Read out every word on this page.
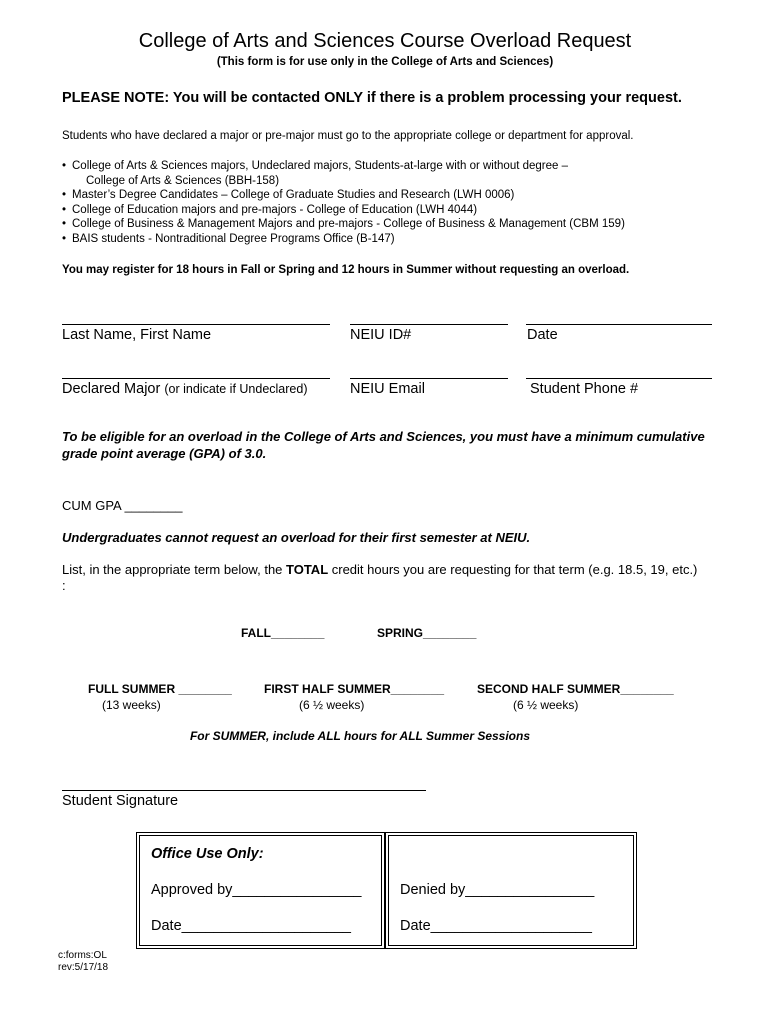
College of Arts and Sciences Course Overload Request
(This form is for use only in the College of Arts and Sciences)
PLEASE NOTE: You will be contacted ONLY if there is a problem processing your request.
Students who have declared a major or pre-major must go to the appropriate college or department for approval.
• College of Arts & Sciences majors, Undeclared majors, Students-at-large with or without degree –
College of Arts & Sciences (BBH-158)
• Master’s Degree Candidates – College of Graduate Studies and Research (LWH 0006)
• College of Education majors and pre-majors - College of Education (LWH 4044)
• College of Business & Management Majors and pre-majors - College of Business & Management (CBM 159)
• BAIS students - Nontraditional Degree Programs Office (B-147)
You may register for 18 hours in Fall or Spring and 12 hours in Summer without requesting an overload.
Last Name, First Name	NEIU ID#	Date
Declared Major (or indicate if Undeclared)	NEIU Email	Student Phone #
To be eligible for an overload in the College of Arts and Sciences, you must have a minimum cumulative grade point average (GPA) of 3.0.
CUM GPA ________
Undergraduates cannot request an overload for their first semester at NEIU.
List, in the appropriate term below, the TOTAL credit hours you are requesting for that term (e.g. 18.5, 19, etc.) :
FALL________	SPRING________
FULL SUMMER ________
(13 weeks)
FIRST HALF SUMMER________
(6 ½ weeks)
SECOND HALF SUMMER________
(6 ½ weeks)
For SUMMER, include ALL hours for ALL Summer Sessions
Student Signature
Office Use Only:
Approved by________________
Date_____________________
Denied by________________
Date____________________
c:forms:OL
rev:5/17/18
